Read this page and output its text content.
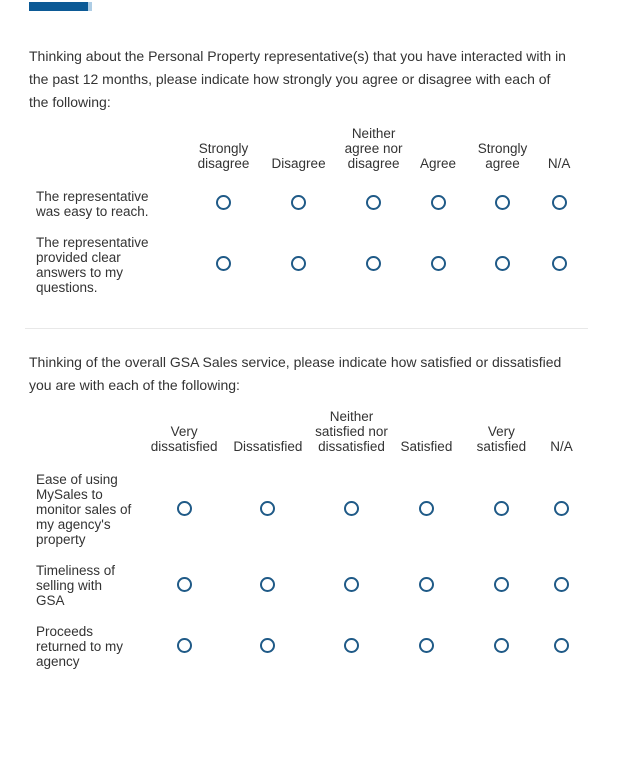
Thinking about the Personal Property representative(s) that you have interacted with in the past 12 months, please indicate how strongly you agree or disagree with each of the following:

	Strongly disagree	Disagree	Neither agree nor disagree	Agree	Strongly agree	N/A

The representative was easy to reach.						

The representative provided clear answers to my questions.						

Thinking of the overall GSA Sales service, please indicate how satisfied or dissatisfied you are with each of the following:

	Very dissatisfied	Dissatisfied	Neither satisfied nor dissatisfied	Satisfied	Very satisfied	N/A

Ease of using MySales to monitor sales of my agency's property						

Timeliness of selling with GSA						

Proceeds returned to my agency						
